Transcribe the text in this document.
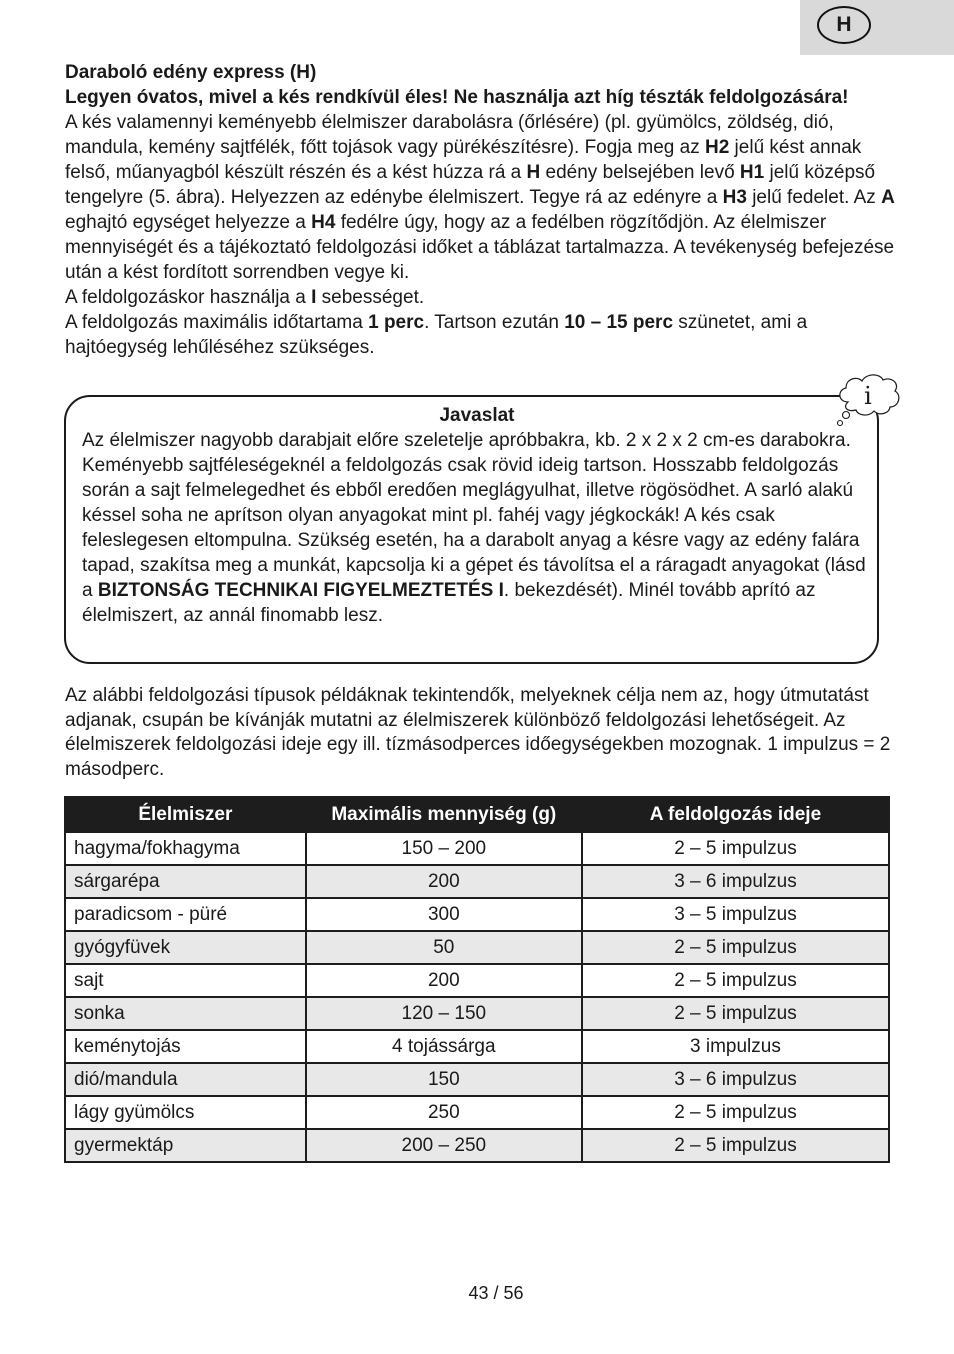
H

Daraboló edény express (H)

Legyen óvatos, mivel a kés rendkívül éles! Ne használja azt híg tészták feldolgozására!

A kés valamennyi keményebb élelmiszer darabolásra (őrlésére) (pl. gyümölcs, zöldség, dió, mandula, kemény sajtfélék, főtt tojások vagy pürékészítésre). Fogja meg az H2 jelű kést annak felső, műanyagból készült részén és a kést húzza rá a H edény belsejében levő H1 jelű középső tengelyre (5. ábra). Helyezzen az edénybe élelmiszert. Tegye rá az edényre a H3 jelű fedelet. Az A eghajtó egységet helyezze a H4 fedélre úgy, hogy az a fedélben rögzítődjön. Az élelmiszer mennyiségét és a tájékoztató feldolgozási időket a táblázat tartalmazza. A tevékenység befejezése után a kést fordított sorrendben vegye ki.

A feldolgozáskor használja a I sebességet.

A feldolgozás maximális időtartama 1 perc. Tartson ezután 10 – 15 perc szünetet, ami a hajtóegység lehűléséhez szükséges.

Javaslat

Az élelmiszer nagyobb darabjait előre szeletelje apróbbakra, kb. 2 x 2 x 2 cm-es darabokra. Keményebb sajtféleségeknél a feldolgozás csak rövid ideig tartson. Hosszabb feldolgozás során a sajt felmelegedhet és ebből eredően meglágyulhat, illetve rögösödhet. A sarló alakú késsel soha ne aprítson olyan anyagokat mint pl. fahéj vagy jégkockák! A kés csak feleslegesen eltompulna. Szükség esetén, ha a darabolt anyag a késre vagy az edény falára tapad, szakítsa meg a munkát, kapcsolja ki a gépet és távolítsa el a ráragadt anyagokat (lásd a BIZTONSÁG TECHNIKAI FIGYELMEZTETÉS I. bekezdését). Minél tovább aprító az élelmiszert, az annál finomabb lesz.

i

Az alábbi feldolgozási típusok példáknak tekintendők, melyeknek célja nem az, hogy útmutatást adjanak, csupán be kívánják mutatni az élelmiszerek különböző feldolgozási lehetőségeit. Az élelmiszerek feldolgozási ideje egy ill. tízmásodperces időegységekben mozognak. 1 impulzus = 2 másodperc.

Élelmiszer	Maximális mennyiség (g)	A feldolgozás ideje
hagyma/fokhagyma	150 – 200	2 – 5 impulzus
sárgarépa	200	3 – 6 impulzus
paradicsom - püré	300	3 – 5 impulzus
gyógyfüvek	50	2 – 5 impulzus
sajt	200	2 – 5 impulzus
sonka	120 – 150	2 – 5 impulzus
keménytojás	4 tojássárga	3 impulzus
dió/mandula	150	3 – 6 impulzus
lágy gyümölcs	250	2 – 5 impulzus
gyermektáp	200 – 250	2 – 5 impulzus
43 / 56
